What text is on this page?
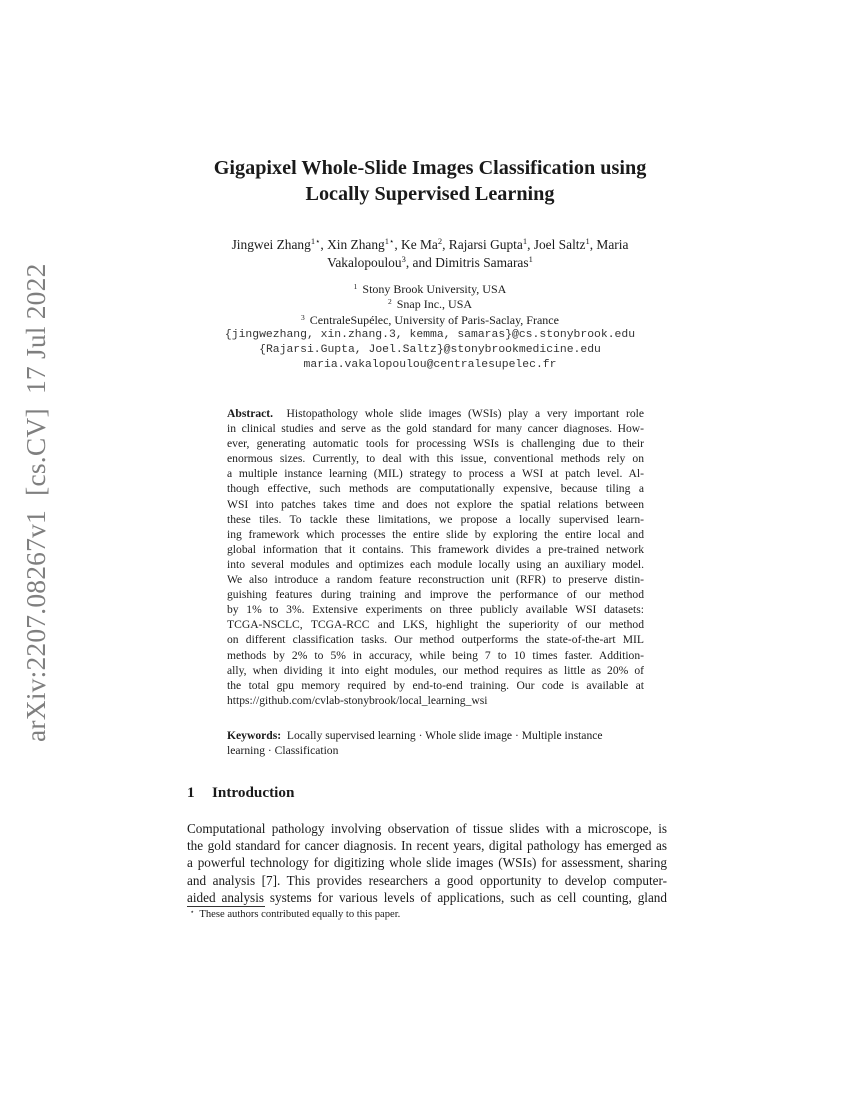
arXiv:2207.08267v1  [cs.CV]  17 Jul 2022
Gigapixel Whole-Slide Images Classification using
Locally Supervised Learning
Jingwei Zhang$^{1⋆}$, Xin Zhang$^{1⋆}$, Ke Ma$^2$, Rajarsi Gupta$^1$, Joel Saltz$^1$, Maria
Vakalopoulou$^3$, and Dimitris Samaras$^1$
$^1$ Stony Brook University, USA
$^2$ Snap Inc., USA
$^3$ CentraleSupélec, University of Paris-Saclay, France
{jingwezhang, xin.zhang.3, kemma, samaras}@cs.stonybrook.edu
{Rajarsi.Gupta, Joel.Saltz}@stonybrookmedicine.edu
maria.vakalopoulou@centralesupelec.fr
Abstract. Histopathology whole slide images (WSIs) play a very important role
in clinical studies and serve as the gold standard for many cancer diagnoses. How-
ever, generating automatic tools for processing WSIs is challenging due to their
enormous sizes. Currently, to deal with this issue, conventional methods rely on
a multiple instance learning (MIL) strategy to process a WSI at patch level. Al-
though effective, such methods are computationally expensive, because tiling a
WSI into patches takes time and does not explore the spatial relations between
these tiles. To tackle these limitations, we propose a locally supervised learn-
ing framework which processes the entire slide by exploring the entire local and
global information that it contains. This framework divides a pre-trained network
into several modules and optimizes each module locally using an auxiliary model.
We also introduce a random feature reconstruction unit (RFR) to preserve distin-
guishing features during training and improve the performance of our method
by 1% to 3%. Extensive experiments on three publicly available WSI datasets:
TCGA-NSCLC, TCGA-RCC and LKS, highlight the superiority of our method
on different classification tasks. Our method outperforms the state-of-the-art MIL
methods by 2% to 5% in accuracy, while being 7 to 10 times faster. Addition-
ally, when dividing it into eight modules, our method requires as little as 20% of
the total gpu memory required by end-to-end training. Our code is available at
https://github.com/cvlab-stonybrook/local_learning_wsi
Keywords: Locally supervised learning · Whole slide image · Multiple instance
learning · Classification
1 Introduction
Computational pathology involving observation of tissue slides with a microscope, is
the gold standard for cancer diagnosis. In recent years, digital pathology has emerged as
a powerful technology for digitizing whole slide images (WSIs) for assessment, sharing
and analysis [7]. This provides researchers a good opportunity to develop computer-
aided analysis systems for various levels of applications, such as cell counting, gland
⋆ These authors contributed equally to this paper.
